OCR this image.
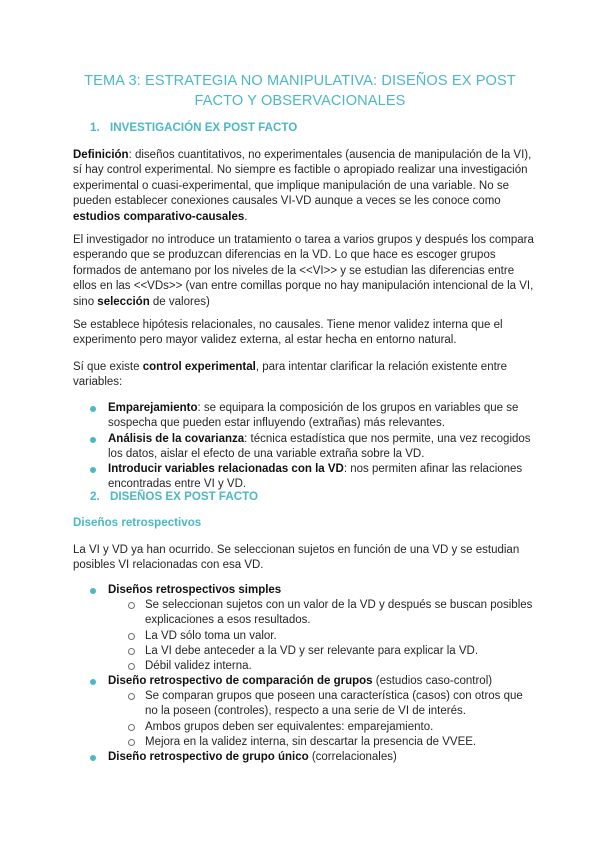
TEMA 3: ESTRATEGIA NO MANIPULATIVA: DISEÑOS EX POST
FACTO Y OBSERVACIONALES
1. INVESTIGACIÓN EX POST FACTO
Definición: diseños cuantitativos, no experimentales (ausencia de manipulación de la VI), sí hay control experimental. No siempre es factible o apropiado realizar una investigación experimental o cuasi-experimental, que implique manipulación de una variable. No se pueden establecer conexiones causales VI-VD aunque a veces se les conoce como estudios comparativo-causales.
El investigador no introduce un tratamiento o tarea a varios grupos y después los compara esperando que se produzcan diferencias en la VD. Lo que hace es escoger grupos formados de antemano por los niveles de la <<VI>> y se estudian las diferencias entre ellos en las <<VDs>> (van entre comillas porque no hay manipulación intencional de la VI, sino selección de valores)
Se establece hipótesis relacionales, no causales. Tiene menor validez interna que el experimento pero mayor validez externa, al estar hecha en entorno natural.
Sí que existe control experimental, para intentar clarificar la relación existente entre variables:
Emparejamiento: se equipara la composición de los grupos en variables que se sospecha que pueden estar influyendo (extrañas) más relevantes.
Análisis de la covarianza: técnica estadística que nos permite, una vez recogidos los datos, aislar el efecto de una variable extraña sobre la VD.
Introducir variables relacionadas con la VD: nos permiten afinar las relaciones encontradas entre VI y VD.
2. DISEÑOS EX POST FACTO
Diseños retrospectivos
La VI y VD ya han ocurrido. Se seleccionan sujetos en función de una VD y se estudian posibles VI relacionadas con esa VD.
Diseños retrospectivos simples
Se seleccionan sujetos con un valor de la VD y después se buscan posibles explicaciones a esos resultados.
La VD sólo toma un valor.
La VI debe anteceder a la VD y ser relevante para explicar la VD.
Débil validez interna.
Diseño retrospectivo de comparación de grupos (estudios caso-control)
Se comparan grupos que poseen una característica (casos) con otros que no la poseen (controles), respecto a una serie de VI de interés.
Ambos grupos deben ser equivalentes: emparejamiento.
Mejora en la validez interna, sin descartar la presencia de VVEE.
Diseño retrospectivo de grupo único (correlacionales)
